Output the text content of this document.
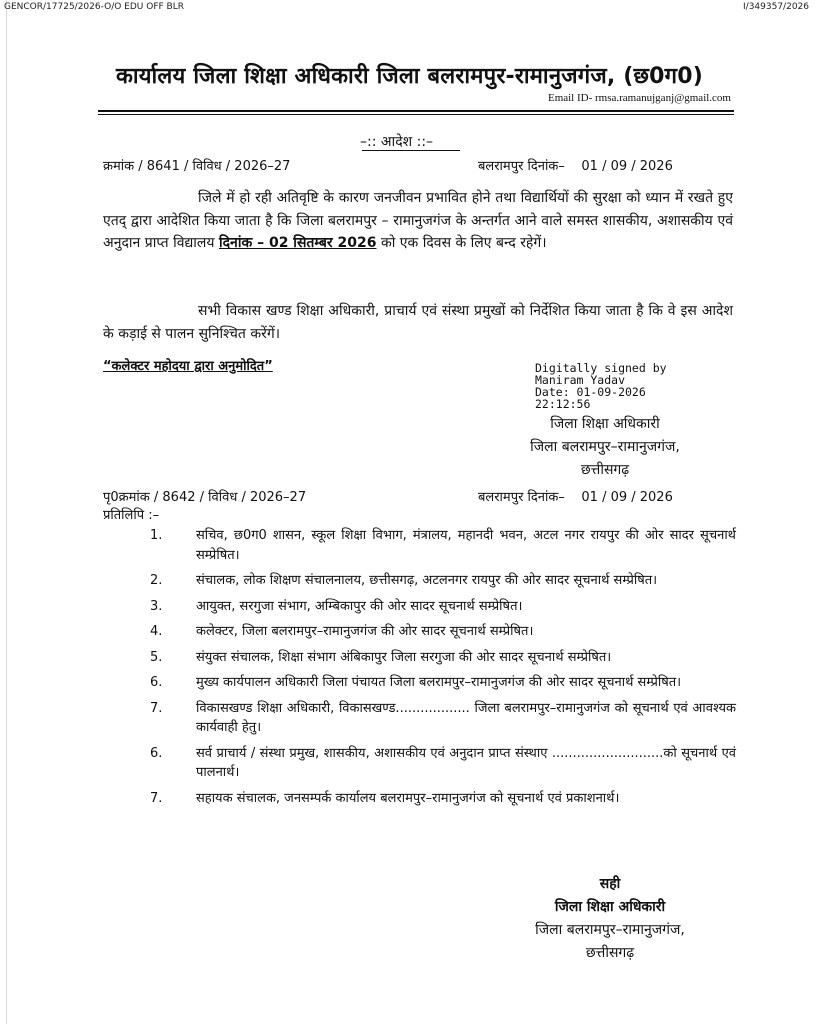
GENCOR/17725/2026-O/O EDU OFF BLR	I/349357/2026
कार्यालय जिला शिक्षा अधिकारी जिला बलरामपुर-रामानुजगंज, (छ0ग0)
Email ID- rmsa.ramanujganj@gmail.com
–:: आदेश ::–
क्रमांक / 8641 / विविध / 2026–27	बलरामपुर दिनांक–    01 / 09 / 2026
जिले में हो रही अतिवृष्टि के कारण जनजीवन प्रभावित होने तथा विद्यार्थियों की सुरक्षा को ध्यान में रखते हुए एतद् द्वारा आदेशित किया जाता है कि जिला बलरामपुर – रामानुजगंज के अन्तर्गत आने वाले समस्त शासकीय, अशासकीय एवं अनुदान प्राप्त विद्यालय दिनांक – 02 सितम्बर 2026 को एक दिवस के लिए बन्द रहेगें।
सभी विकास खण्ड शिक्षा अधिकारी, प्राचार्य एवं संस्था प्रमुखों को निर्देशित किया जाता है कि वे इस आदेश के कड़ाई से पालन सुनिश्चित करेंगें।
“कलेक्टर महोदया द्वारा अनुमोदित”	Digitally signed by
Maniram Yadav
Date: 01-09-2026
22:12:56
जिला शिक्षा अधिकारी
जिला बलरामपुर–रामानुजगंज,
छत्तीसगढ़
पृ0क्रमांक / 8642 / विविध / 2026–27	बलरामपुर दिनांक–    01 / 09 / 2026
प्रतिलिपि :–
1.	सचिव, छ0ग0 शासन, स्कूल शिक्षा विभाग, मंत्रालय, महानदी भवन, अटल नगर रायपुर की ओर सादर सूचनार्थ सम्प्रेषित।
2.	संचालक, लोक शिक्षण संचालनालय, छत्तीसगढ़, अटलनगर रायपुर की ओर सादर सूचनार्थ सम्प्रेषित।
3.	आयुक्त, सरगुजा संभाग, अम्बिकापुर की ओर सादर सूचनार्थ सम्प्रेषित।
4.	कलेक्टर, जिला बलरामपुर–रामानुजगंज की ओर सादर सूचनार्थ सम्प्रेषित।
5.	संयुक्त संचालक, शिक्षा संभाग अंबिकापुर जिला सरगुजा की ओर सादर सूचनार्थ सम्प्रेषित।
6.	मुख्य कार्यपालन अधिकारी जिला पंचायत जिला बलरामपुर–रामानुजगंज की ओर सादर सूचनार्थ सम्प्रेषित।
7.	विकासखण्ड शिक्षा अधिकारी, विकासखण्ड.................. जिला बलरामपुर–रामानुजगंज को सूचनार्थ एवं आवश्यक कार्यवाही हेतु।
6.	सर्व प्राचार्य / संस्था प्रमुख, शासकीय, अशासकीय एवं अनुदान प्राप्त संस्थाए ...........................को सूचनार्थ एवं पालनार्थ।
7.	सहायक संचालक, जनसम्पर्क कार्यालय बलरामपुर–रामानुजगंज को सूचनार्थ एवं प्रकाशनार्थ।
सही
जिला शिक्षा अधिकारी
जिला बलरामपुर–रामानुजगंज,
छत्तीसगढ़
